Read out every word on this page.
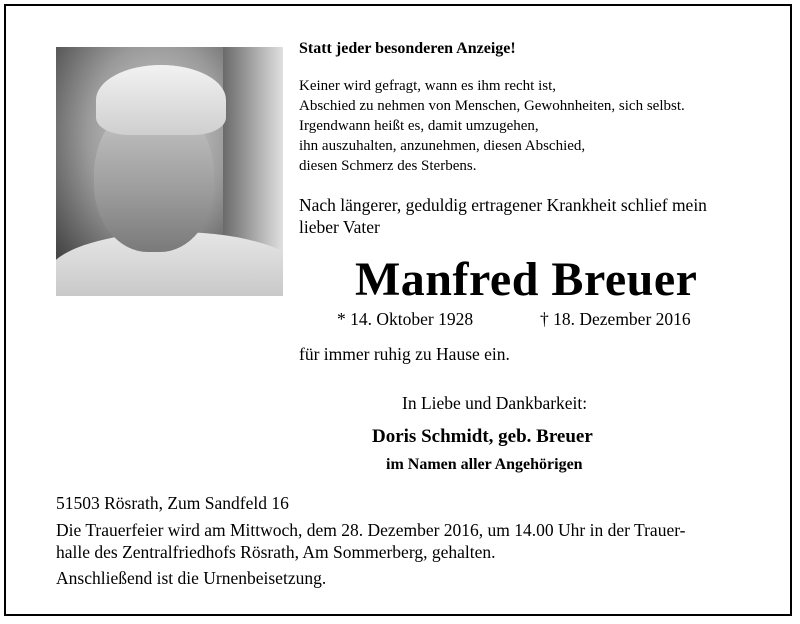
Statt jeder besonderen Anzeige!
Keiner wird gefragt, wann es ihm recht ist,
Abschied zu nehmen von Menschen, Gewohnheiten, sich selbst.
Irgendwann heißt es, damit umzugehen,
ihn auszuhalten, anzunehmen, diesen Abschied,
diesen Schmerz des Sterbens.
Nach längerer, geduldig ertragener Krankheit schlief mein
lieber Vater
Manfred Breuer
* 14. Oktober 1928	† 18. Dezember 2016
für immer ruhig zu Hause ein.
In Liebe und Dankbarkeit:
Doris Schmidt, geb. Breuer
im Namen aller Angehörigen
51503 Rösrath, Zum Sandfeld 16
Die Trauerfeier wird am Mittwoch, dem 28. Dezember 2016, um 14.00 Uhr in der Trauer-
halle des Zentralfriedhofs Rösrath, Am Sommerberg, gehalten.
Anschließend ist die Urnenbeisetzung.
